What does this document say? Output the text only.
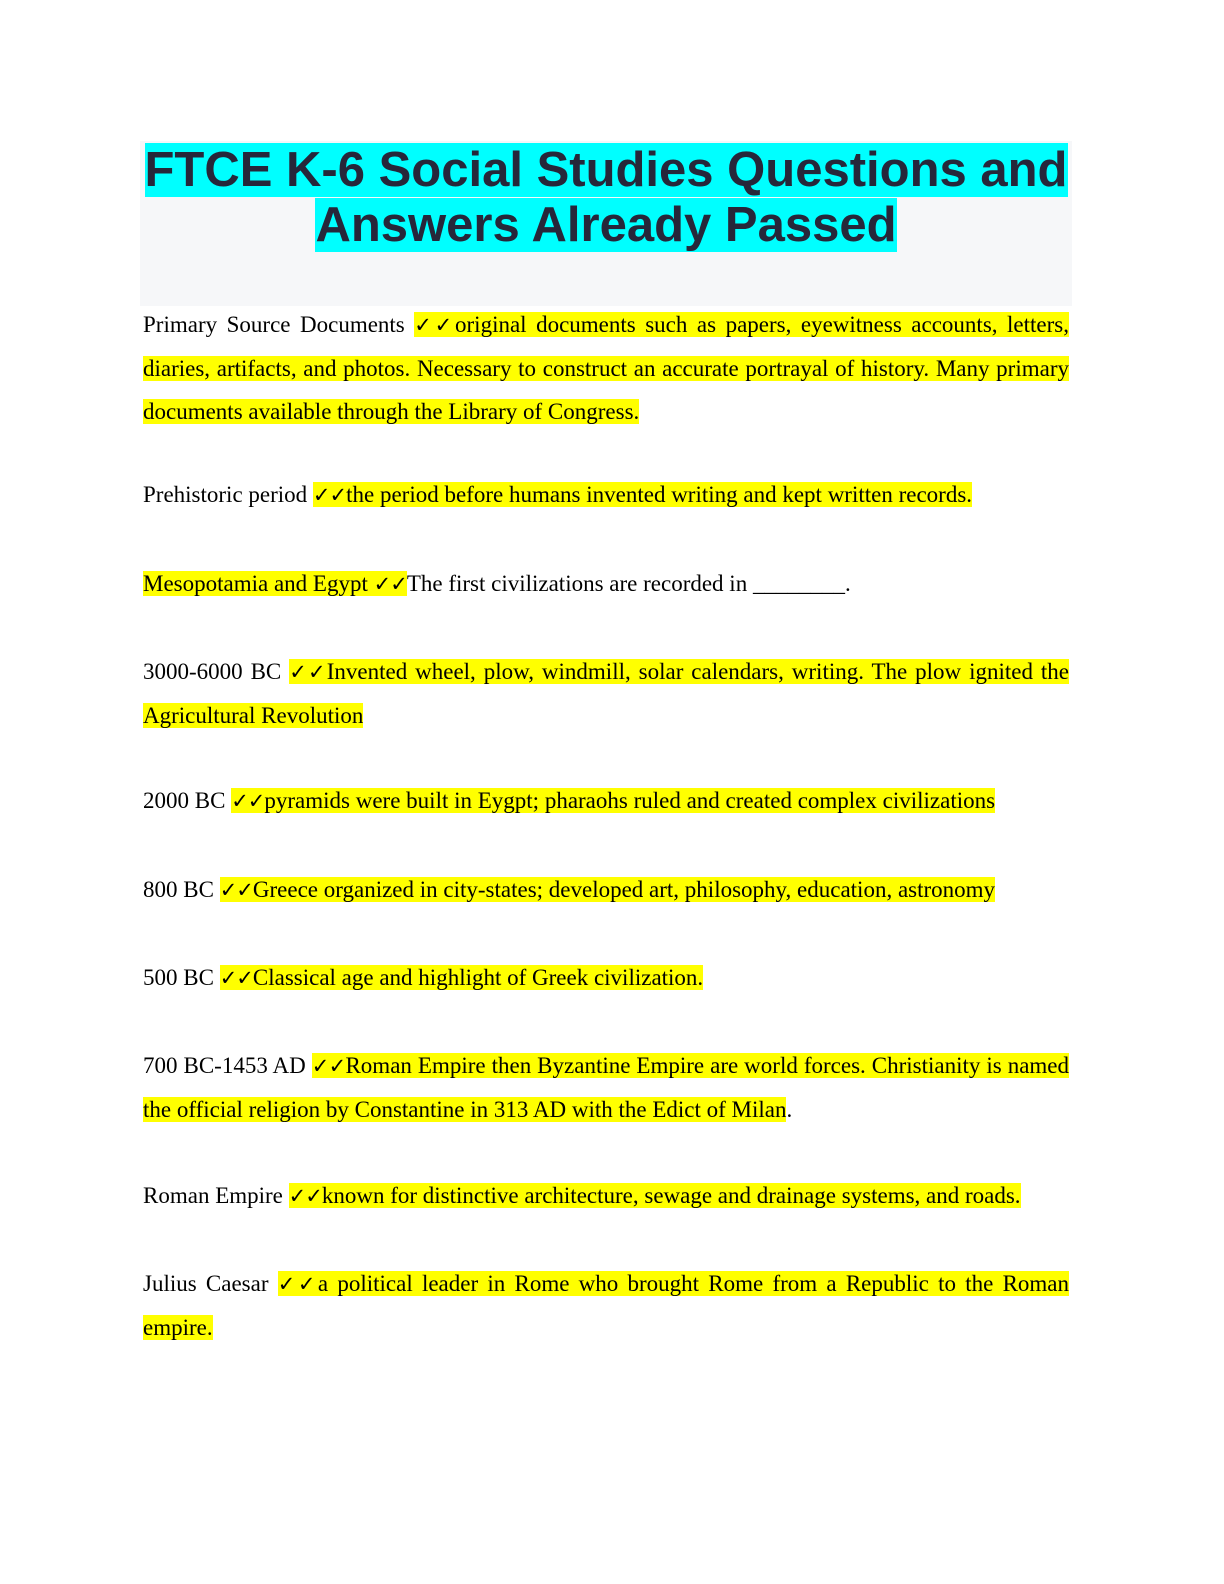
FTCE K-6 Social Studies Questions and
Answers Already Passed

Primary Source Documents ✓✓original documents such as papers, eyewitness accounts, letters, diaries, artifacts, and photos. Necessary to construct an accurate portrayal of history. Many primary documents available through the Library of Congress.

Prehistoric period ✓✓the period before humans invented writing and kept written records.

Mesopotamia and Egypt ✓✓The first civilizations are recorded in ________.

3000-6000 BC ✓✓Invented wheel, plow, windmill, solar calendars, writing. The plow ignited the Agricultural Revolution

2000 BC ✓✓pyramids were built in Eygpt; pharaohs ruled and created complex civilizations

800 BC ✓✓Greece organized in city-states; developed art, philosophy, education, astronomy

500 BC ✓✓Classical age and highlight of Greek civilization.

700 BC-1453 AD ✓✓Roman Empire then Byzantine Empire are world forces. Christianity is named the official religion by Constantine in 313 AD with the Edict of Milan.

Roman Empire ✓✓known for distinctive architecture, sewage and drainage systems, and roads.

Julius Caesar ✓✓a political leader in Rome who brought Rome from a Republic to the Roman empire.
